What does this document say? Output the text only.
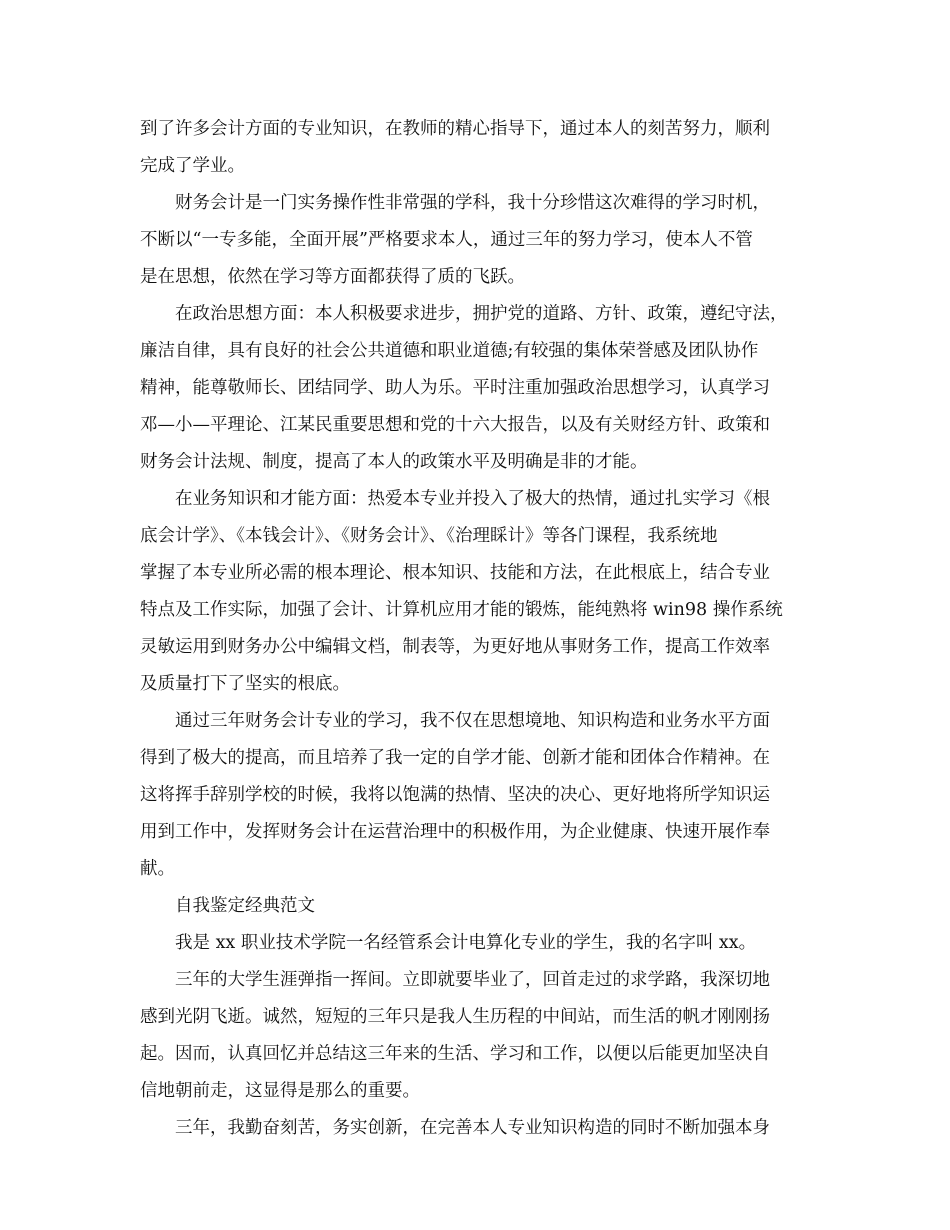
到了许多会计方面的专业知识，在教师的精心指导下，通过本人的刻苦努力，顺利

完成了学业。

财务会计是一门实务操作性非常强的学科，我十分珍惜这次难得的学习时机，

不断以“一专多能，全面开展”严格要求本人，通过三年的努力学习，使本人不管

是在思想，依然在学习等方面都获得了质的飞跃。

在政治思想方面：本人积极要求进步，拥护党的道路、方针、政策，遵纪守法，

廉洁自律，具有良好的社会公共道德和职业道德;有较强的集体荣誉感及团队协作

精神，能尊敬师长、团结同学、助人为乐。平时注重加强政治思想学习，认真学习

邓—小—平理论、江某民重要思想和党的十六大报告，以及有关财经方针、政策和

财务会计法规、制度，提高了本人的政策水平及明确是非的才能。

在业务知识和才能方面：热爱本专业并投入了极大的热情，通过扎实学习《根

底会计学》、《本钱会计》、《财务会计》、《治理睬计》等各门课程，我系统地

掌握了本专业所必需的根本理论、根本知识、技能和方法，在此根底上，结合专业

特点及工作实际，加强了会计、计算机应用才能的锻炼，能纯熟将 win98 操作系统

灵敏运用到财务办公中编辑文档，制表等，为更好地从事财务工作，提高工作效率

及质量打下了坚实的根底。

通过三年财务会计专业的学习，我不仅在思想境地、知识构造和业务水平方面

得到了极大的提高，而且培养了我一定的自学才能、创新才能和团体合作精神。在

这将挥手辞别学校的时候，我将以饱满的热情、坚决的决心、更好地将所学知识运

用到工作中，发挥财务会计在运营治理中的积极作用，为企业健康、快速开展作奉

献。

自我鉴定经典范文

我是 xx 职业技术学院一名经管系会计电算化专业的学生，我的名字叫 xx。

三年的大学生涯弹指一挥间。立即就要毕业了，回首走过的求学路，我深切地

感到光阴飞逝。诚然，短短的三年只是我人生历程的中间站，而生活的帆才刚刚扬

起。因而，认真回忆并总结这三年来的生活、学习和工作，以便以后能更加坚决自

信地朝前走，这显得是那么的重要。

三年，我勤奋刻苦，务实创新，在完善本人专业知识构造的同时不断加强本身
